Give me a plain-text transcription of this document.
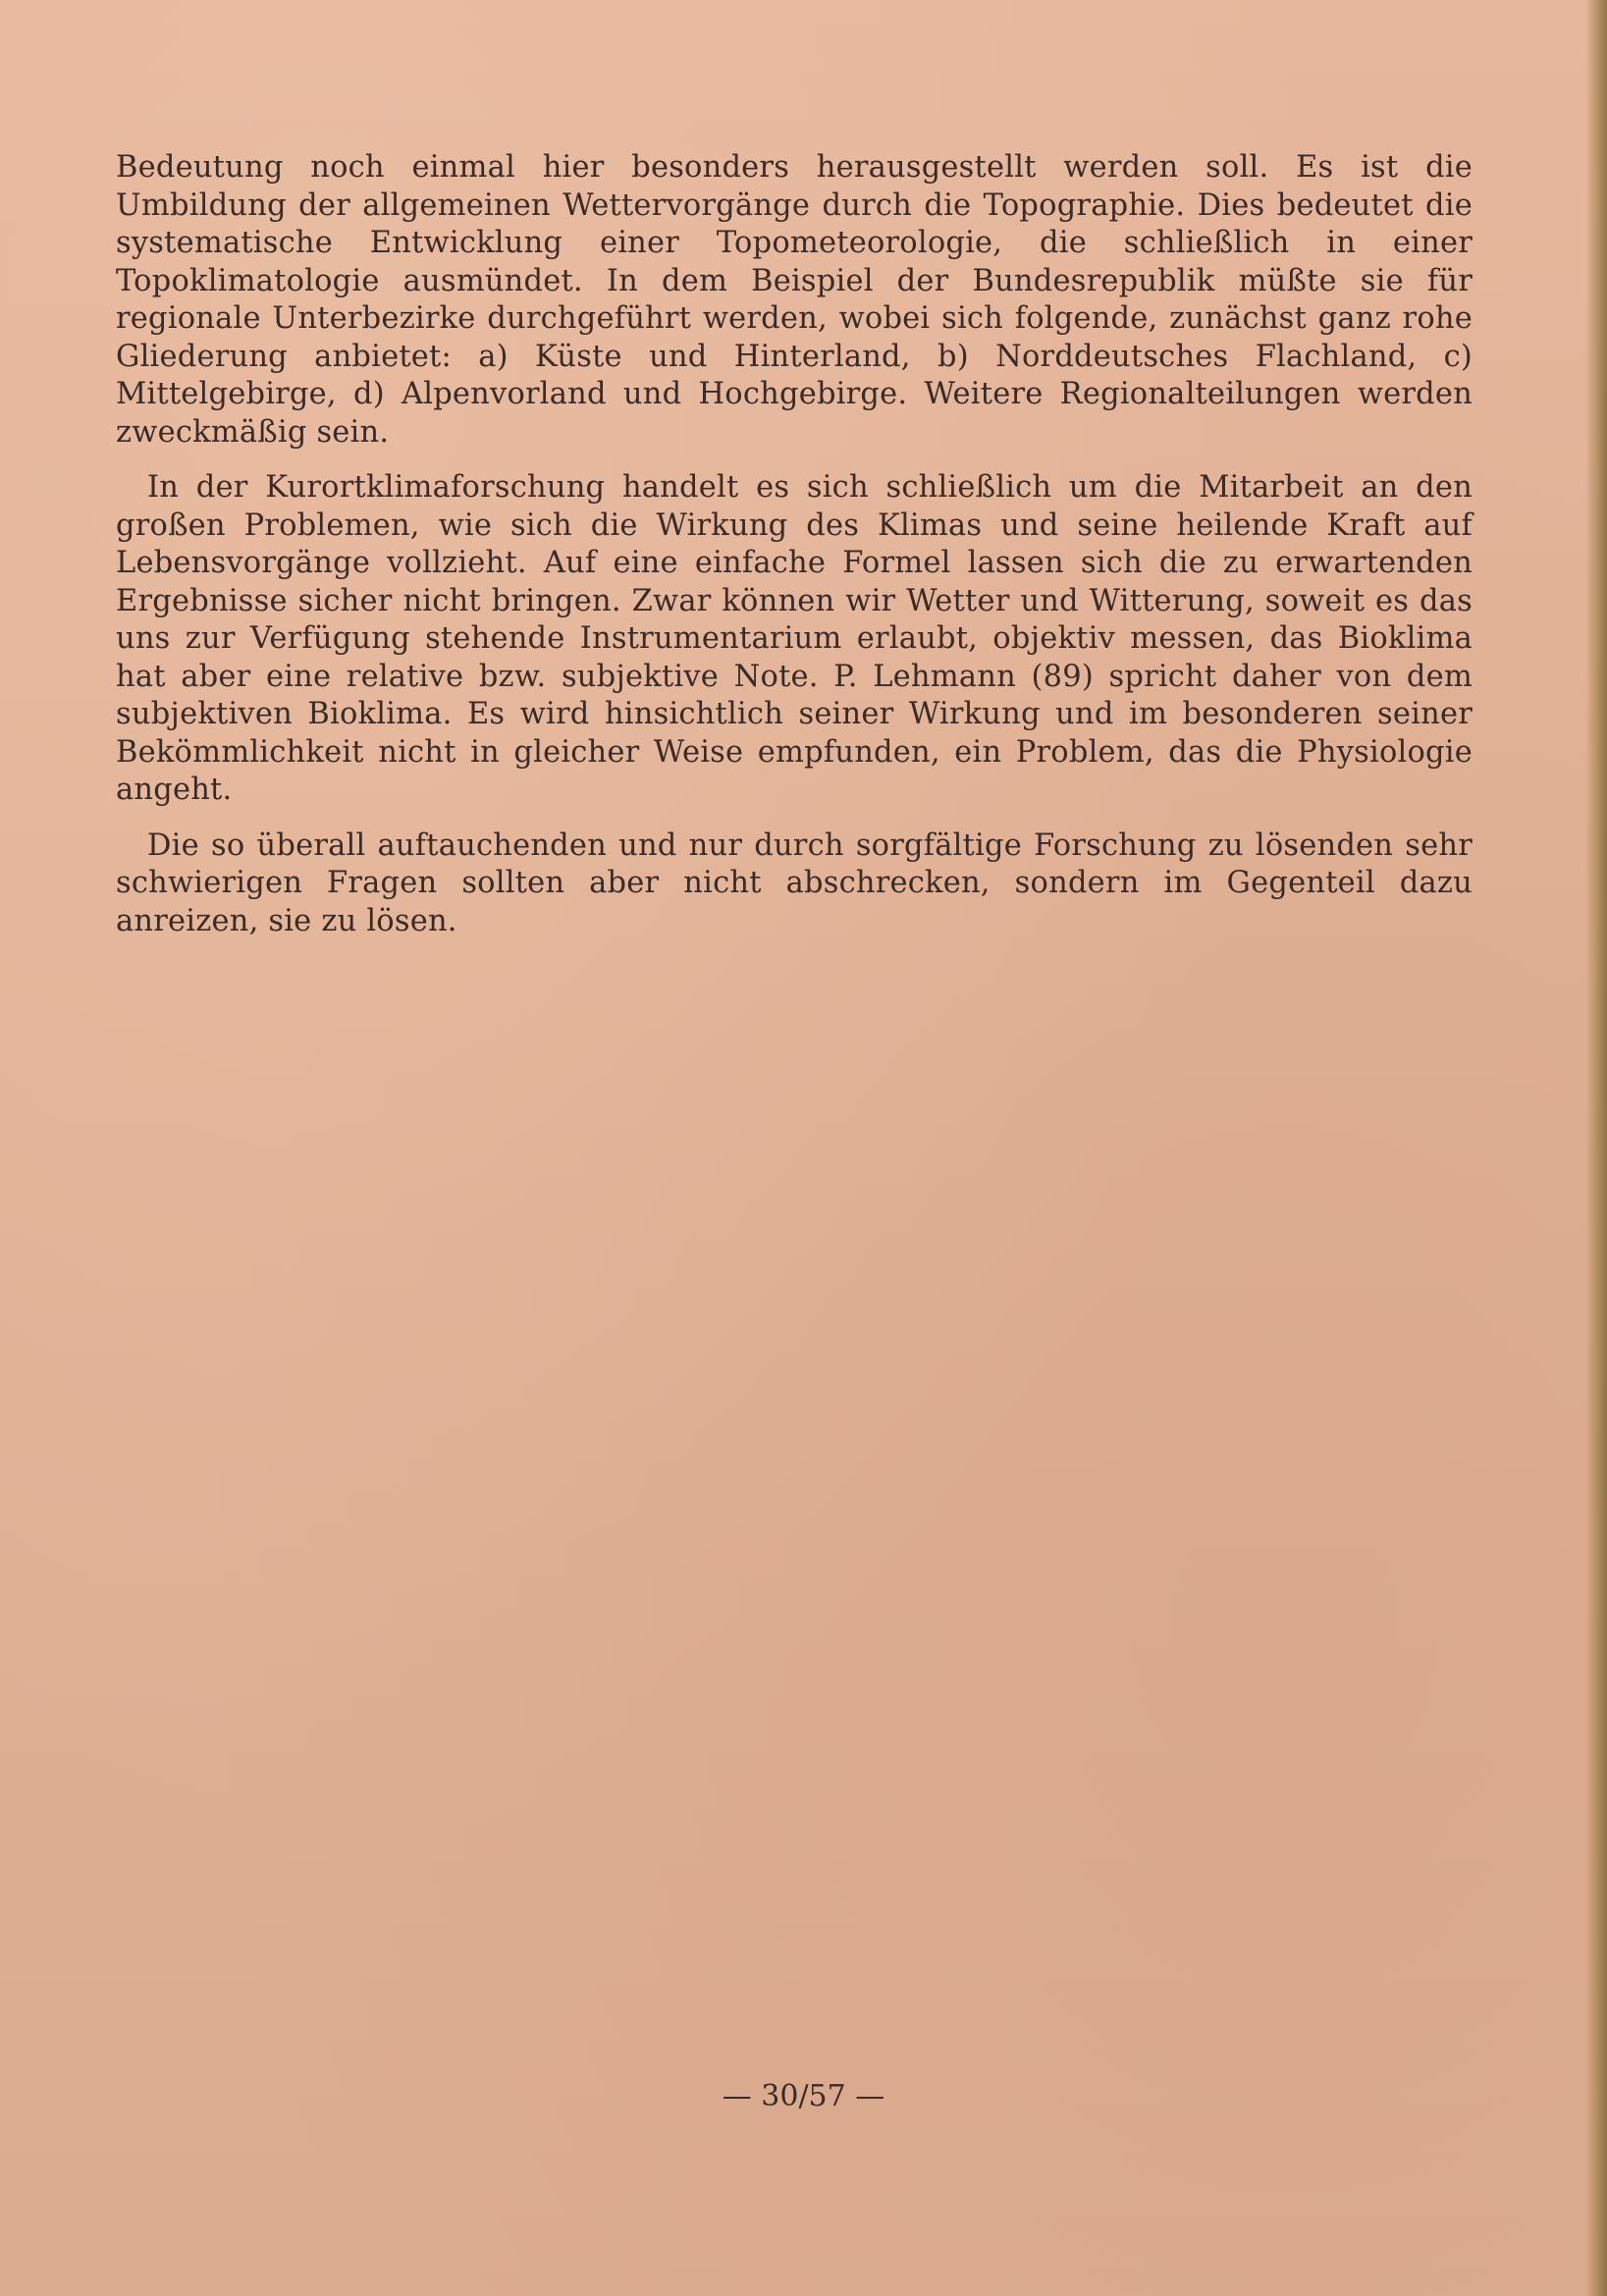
Bedeutung noch einmal hier besonders herausgestellt werden soll. Es ist die Umbildung der allgemeinen Wettervorgänge durch die Topographie. Dies bedeutet die systematische Entwicklung einer Topometeorologie, die schließlich in einer Topoklimatologie ausmündet. In dem Beispiel der Bundesrepublik müßte sie für regionale Unterbezirke durchgeführt werden, wobei sich folgende, zunächst ganz rohe Gliederung anbietet: a) Küste und Hinterland, b) Norddeutsches Flachland, c) Mittelgebirge, d) Alpenvorland und Hochgebirge. Weitere Regionalteilungen werden zweckmäßig sein.

In der Kurortklimaforschung handelt es sich schließlich um die Mitarbeit an den großen Problemen, wie sich die Wirkung des Klimas und seine heilende Kraft auf Lebensvorgänge vollzieht. Auf eine einfache Formel lassen sich die zu erwartenden Ergebnisse sicher nicht bringen. Zwar können wir Wetter und Witterung, soweit es das uns zur Verfügung stehende Instrumentarium erlaubt, objektiv messen, das Bioklima hat aber eine relative bzw. subjektive Note. P. Lehmann (89) spricht daher von dem subjektiven Bioklima. Es wird hinsichtlich seiner Wirkung und im besonderen seiner Bekömmlichkeit nicht in gleicher Weise empfunden, ein Problem, das die Physiologie angeht.

Die so überall auftauchenden und nur durch sorgfältige Forschung zu lösenden sehr schwierigen Fragen sollten aber nicht abschrecken, sondern im Gegenteil dazu anreizen, sie zu lösen.

— 30/57 —
